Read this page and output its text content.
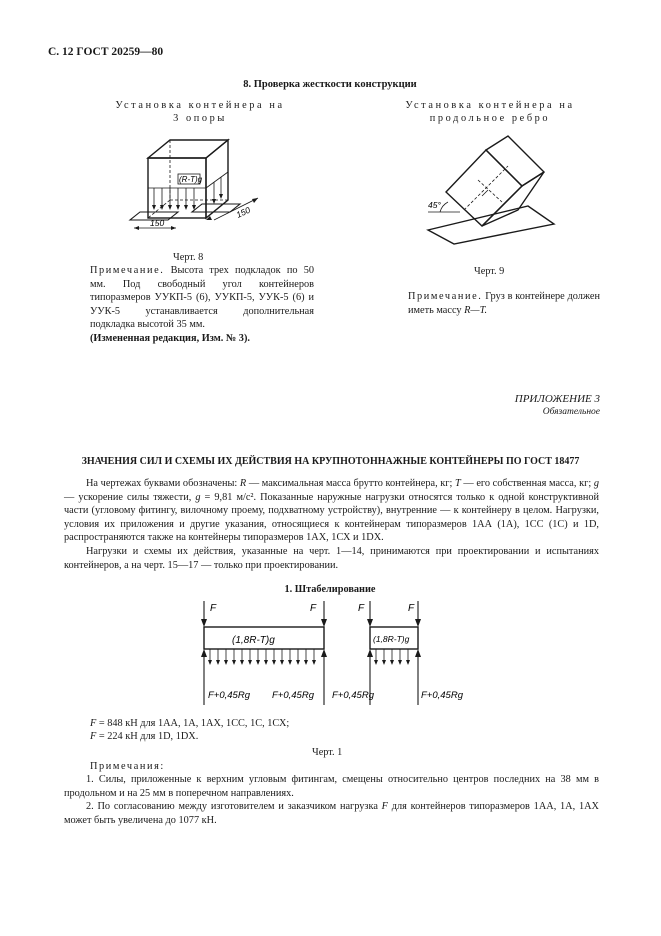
С. 12 ГОСТ 20259—80
8. Проверка жесткости конструкции
Установка контейнера на
3 опоры
Установка контейнера на
продольное ребро
(R-T)g
150
150	45°
Черт. 8
Черт. 9
Примечание. Высота трех подкладок по 50 мм. Под свободный угол контейнеров типоразмеров УУКП-5 (6), УУКП-5, УУК-5 (6) и УУК-5 устанавливается дополнительная подкладка высотой 35 мм.
Примечание. Груз в контейнере должен иметь массу R—T.
(Измененная редакция, Изм. № 3).
ПРИЛОЖЕНИЕ 3
Обязательное
ЗНАЧЕНИЯ СИЛ И СХЕМЫ ИХ ДЕЙСТВИЯ НА КРУПНОТОННАЖНЫЕ КОНТЕЙНЕРЫ ПО ГОСТ 18477

На чертежах буквами обозначены: R — максимальная масса брутто контейнера, кг; T — его собственная масса, кг; g — ускорение силы тяжести, g = 9,81 м/с². Показанные наружные нагрузки относятся только к одной конструктивной части (угловому фитингу, вилочному проему, подхватному устройству), внутренние — к контейнеру в целом. Нагрузки, условия их приложения и другие указания, относящиеся к контейнерам типоразмеров 1АА (1А), 1СС (1С) и 1D, распространяются также на контейнеры типоразмеров 1АХ, 1СХ и 1DX.

Нагрузки и схемы их действия, указанные на черт. 1—14, принимаются при проектировании и испытаниях контейнеров, а на черт. 15—17 — только при проектировании.

1. Штабелирование
F	F
(1,8R-T)g
F+0,45Rg F+0,45Rg
F	F
(1,8R-T)g
F+0,45Rg	F+0,45Rg
F = 848 кН для 1АА, 1А, 1АХ, 1СС, 1С, 1СХ;
F = 224 кН для 1D, 1DX.
Черт. 1
Примечания:

1. Силы, приложенные к верхним угловым фитингам, смещены относительно центров последних на 38 мм в продольном и на 25 мм в поперечном направлениях.

2. По согласованию между изготовителем и заказчиком нагрузка F для контейнеров типоразмеров 1АА, 1А, 1АХ может быть увеличена до 1077 кН.
